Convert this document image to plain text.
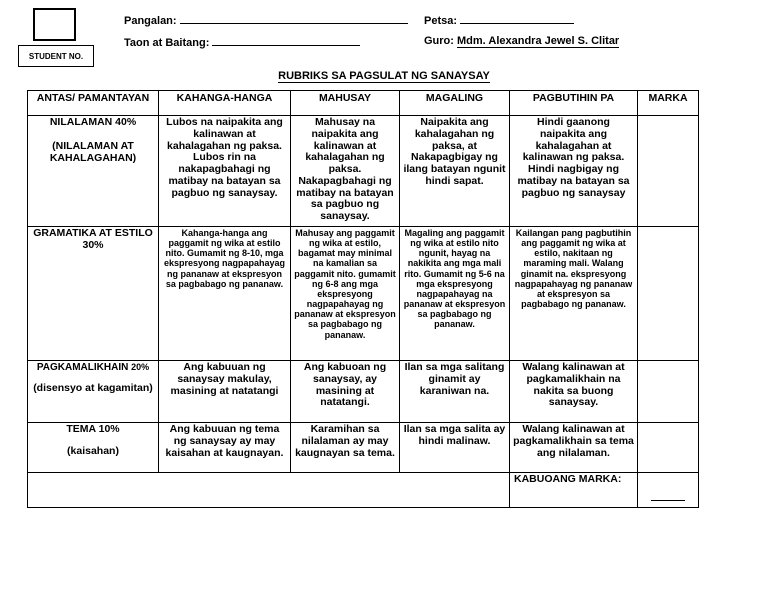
STUDENT NO.
Pangalan:
Taon at Baitang:
Petsa:
Guro: Mdm. Alexandra Jewel S. Clitar
RUBRIKS SA PAGSULAT NG SANAYSAY
ANTAS/ PAMANTAYAN	KAHANGA-HANGA	MAHUSAY	MAGALING	PAGBUTIHIN PA	MARKA

NILALAMAN 40%
(NILALAMAN AT KAHALAGAHAN)	Lubos na naipakita ang kalinawan at kahalagahan ng paksa. Lubos rin na nakapagbahagi ng matibay na batayan sa pagbuo ng sanaysay.	Mahusay na naipakita ang kalinawan at kahalagahan ng paksa. Nakapagbahagi ng matibay na batayan sa pagbuo ng sanaysay.	Naipakita ang kahalagahan ng paksa, at Nakapagbigay ng ilang batayan ngunit hindi sapat.	Hindi gaanong naipakita ang kahalagahan at kalinawan ng paksa. Hindi nagbigay ng matibay na batayan sa pagbuo ng sanaysay	

GRAMATIKA AT ESTILO 30%	Kahanga-hanga ang paggamit ng wika at estilo nito. Gumamit ng 8-10, mga ekspresyong nagpapahayag ng pananaw at ekspresyon sa pagbabago ng pananaw.	Mahusay ang paggamit ng wika at estilo, bagamat may minimal na kamalian sa paggamit nito. gumamit ng 6-8 ang mga ekspresyong nagpapahayag ng pananaw at ekspresyon sa pagbabago ng pananaw.	Magaling ang paggamit ng wika at estilo nito ngunit, hayag na nakikita ang mga mali rito. Gumamit ng 5-6 na mga ekspresyong nagpapahayag na pananaw at ekspresyon sa pagbabago ng pananaw.	Kailangan pang pagbutihin ang paggamit ng wika at estilo, nakitaan ng maraming mali. Walang ginamit na. ekspresyong nagpapahayag ng pananaw at ekspresyon sa pagbabago ng pananaw.	

PAGKAMALIKHAIN 20%
(disensyo at kagamitan)	Ang kabuuan ng sanaysay makulay, masining at natatangi	Ang kabuoan ng sanaysay, ay masining at natatangi.	Ilan sa mga salitang ginamit ay karaniwan na.	Walang kalinawan at pagkamalikhain na nakita sa buong sanaysay.	

TEMA 10%
(kaisahan)	Ang kabuuan ng tema ng sanaysay ay may kaisahan at kaugnayan.	Karamihan sa nilalaman ay may kaugnayan sa tema.	Ilan sa mga salita ay hindi malinaw.	Walang kalinawan at pagkamalikhain sa tema ang nilalaman.	
				KABUOANG MARKA:	
